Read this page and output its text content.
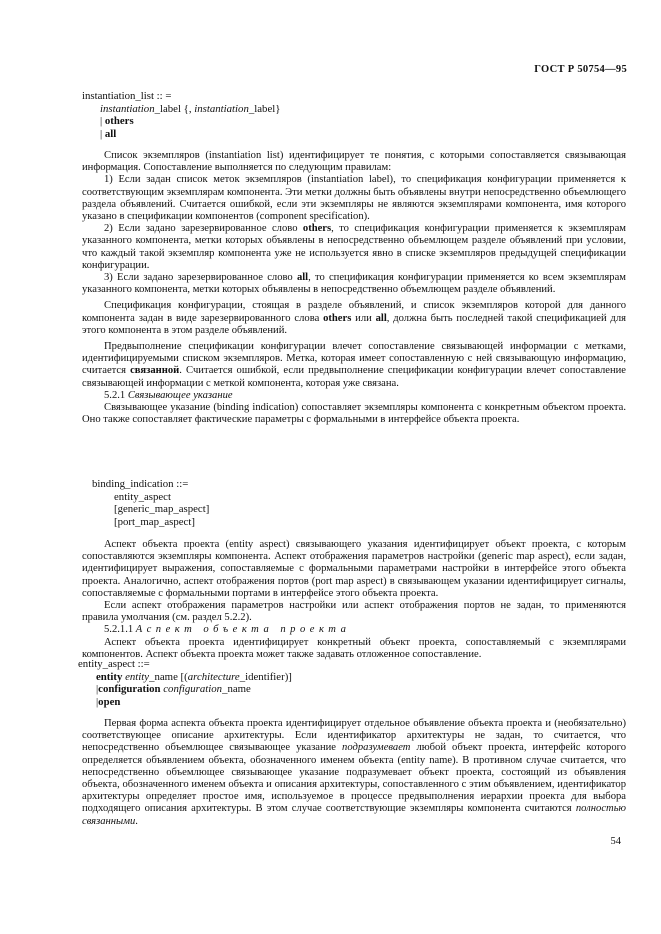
ГОСТ Р 50754—95
instantiation_list :: =
instantiation_label {, instantiation_label}
| others
| all
Список экземпляров (instantiation list) идентифицирует те понятия, с которыми сопоставляется связывающая информация. Сопоставление выполняется по следующим правилам:
1) Если задан список меток экземпляров (instantiation label), то спецификация конфигурации применяется к соответствующим экземплярам компонента. Эти метки должны быть объявлены внутри непосредственно объемлющего раздела объявлений. Считается ошибкой, если эти экземпляры не являются экземплярами компонента, имя которого указано в спецификации компонентов (component specification).
2) Если задано зарезервированное слово others, то спецификация конфигурации применяется к экземплярам указанного компонента, метки которых объявлены в непосредственно объемлющем разделе объявлений при условии, что каждый такой экземпляр компонента уже не используется явно в списке экземпляров предыдущей спецификации конфигурации.
3) Если задано зарезервированное слово all, то спецификация конфигурации применяется ко всем экземплярам указанного компонента, метки которых объявлены в непосредственно объемлющем разделе объявлений.
Спецификация конфигурации, стоящая в разделе объявлений, и список экземпляров которой для данного компонента задан в виде зарезервированного слова others или all, должна быть последней такой спецификацией для этого компонента в этом разделе объявлений.
Предвыполнение спецификации конфигурации влечет сопоставление связывающей информации с метками, идентифицируемыми списком экземпляров. Метка, которая имеет сопоставленную с ней связывающую информацию, считается связанной. Считается ошибкой, если предвыполнение спецификации конфигурации влечет сопоставление связывающей информации с меткой компонента, которая уже связана.
5.2.1 Связывающее указание
Связывающее указание (binding indication) сопоставляет экземпляры компонента с конкретным объектом проекта. Оно также сопоставляет фактические параметры с формальными в интерфейсе объекта проекта.
binding_indication ::=
entity_aspect
[generic_map_aspect]
[port_map_aspect]
Аспект объекта проекта (entity aspect) связывающего указания идентифицирует объект проекта, с которым сопоставляются экземпляры компонента. Аспект отображения параметров настройки (generic map aspect), если задан, идентифицирует выражения, сопоставляемые с формальными параметрами настройки в интерфейсе этого объекта проекта. Аналогично, аспект отображения портов (port map aspect) в связывающем указании идентифицирует сигналы, сопоставляемые с формальными портами в интерфейсе этого объекта проекта.
Если аспект отображения параметров настройки или аспект отображения портов не задан, то применяются правила умолчания (см. раздел 5.2.2).
5.2.1.1 Аспект объекта проекта
Аспект объекта проекта идентифицирует конкретный объект проекта, сопоставляемый с экземплярами компонентов. Аспект объекта проекта может также задавать отложенное сопоставление.
entity_aspect ::=
entity entity_name [(architecture_identifier)]
|configuration configuration_name
|open
Первая форма аспекта объекта проекта идентифицирует отдельное объявление объекта проекта и (необязательно) соответствующее описание архитектуры. Если идентификатор архитектуры не задан, то считается, что непосредственно объемлющее связывающее указание подразумевает любой объект проекта, интерфейс которого определяется объявлением объекта, обозначенного именем объекта (entity name). В противном случае считается, что непосредственно объемлющее связывающее указание подразумевает объект проекта, состоящий из объявления объекта, обозначенного именем объекта и описания архитектуры, сопоставленного с этим объявлением, идентификатор архитектуры определяет простое имя, используемое в процессе предвыполнения иерархии проекта для выбора подходящего описания архитектуры. В этом случае соответствующие экземпляры компонента считаются полностью связанными.
54
